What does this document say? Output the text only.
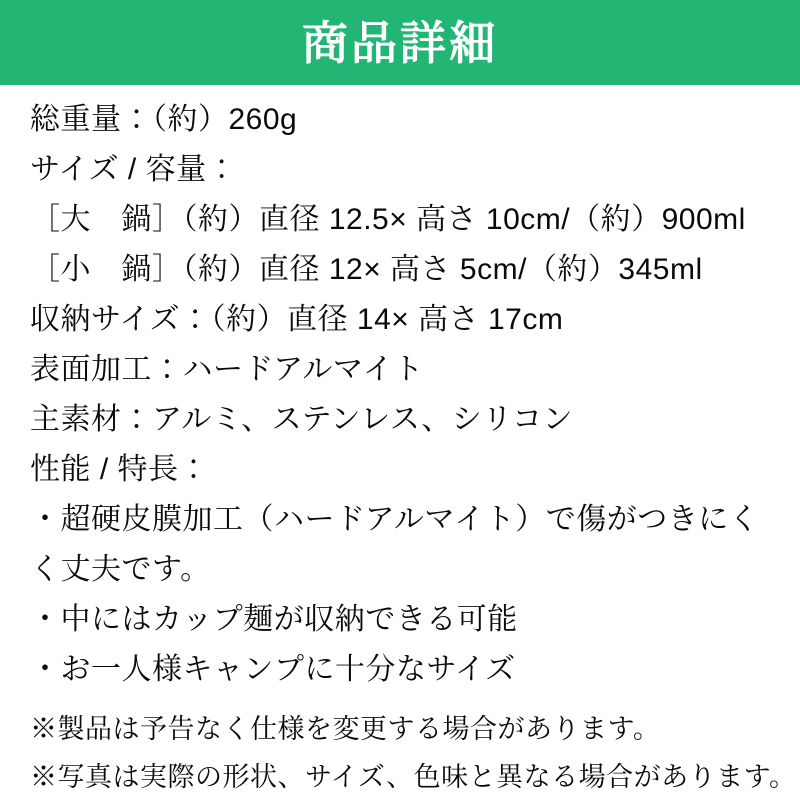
商品詳細
総重量：（約）260g
サイズ / 容量：
［大　鍋］（約）直径 12.5× 高さ 10cm/（約）900ml
［小　鍋］（約）直径 12× 高さ 5cm/（約）345ml
収納サイズ：（約）直径 14× 高さ 17cm
表面加工：ハードアルマイト
主素材：アルミ、ステンレス、シリコン
性能 / 特長：
・超硬皮膜加工（ハードアルマイト）で傷がつきにくく丈夫です。
・中にはカップ麺が収納できる可能
・お一人様キャンプに十分なサイズ
※製品は予告なく仕様を変更する場合があります。
※写真は実際の形状、サイズ、色味と異なる場合があります。
